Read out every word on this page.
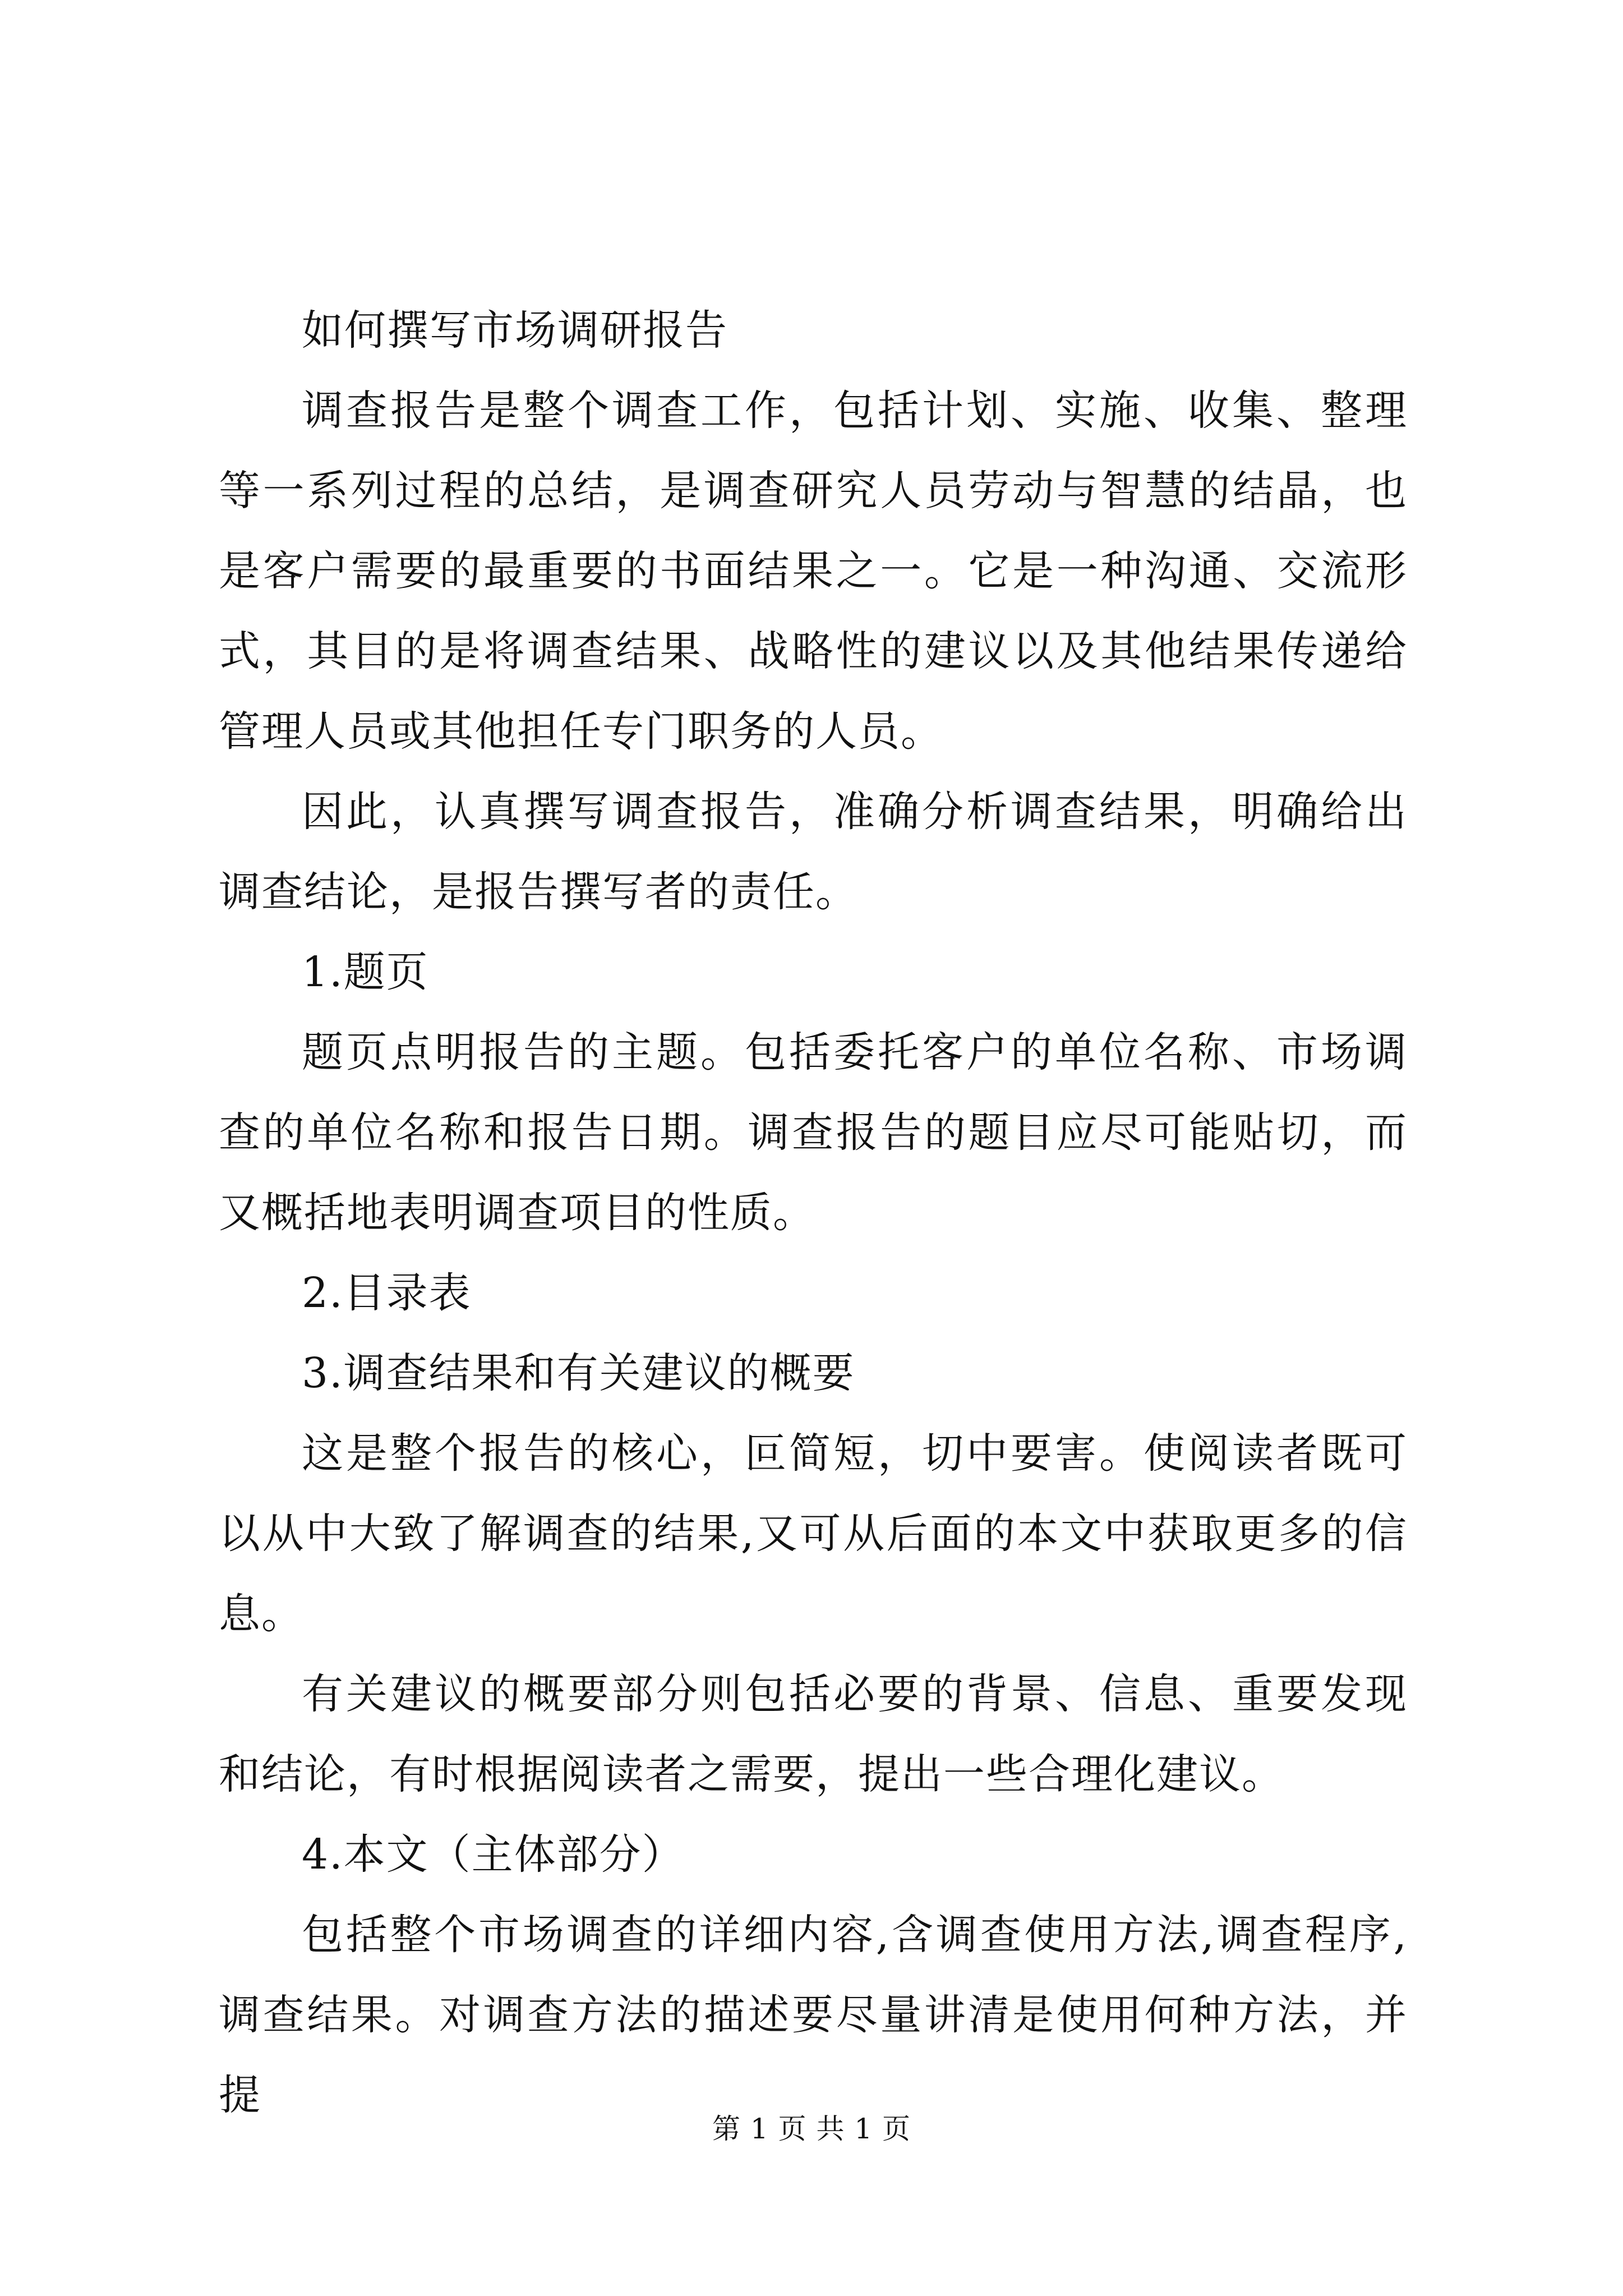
如何撰写市场调研报告

调查报告是整个调查工作，包括计划、实施、收集、整理等一系列过程的总结，是调查研究人员劳动与智慧的结晶，也是客户需要的最重要的书面结果之一。它是一种沟通、交流形式，其目的是将调查结果、战略性的建议以及其他结果传递给管理人员或其他担任专门职务的人员。

因此，认真撰写调查报告，准确分析调查结果，明确给出调查结论，是报告撰写者的责任。

1.题页

题页点明报告的主题。包括委托客户的单位名称、市场调查的单位名称和报告日期。调查报告的题目应尽可能贴切，而又概括地表明调查项目的性质。

2.目录表

3.调查结果和有关建议的概要

这是整个报告的核心，叵简短，切中要害。使阅读者既可以从中大致了解调查的结果,又可从后面的本文中获取更多的信息。

有关建议的概要部分则包括必要的背景、信息、重要发现和结论，有时根据阅读者之需要，提出一些合理化建议。

4.本文（主体部分）

包括整个市场调查的详细内容,含调查使用方法,调查程序,调查结果。对调查方法的描述要尽量讲清是使用何种方法，并提

第 1 页 共 1 页
